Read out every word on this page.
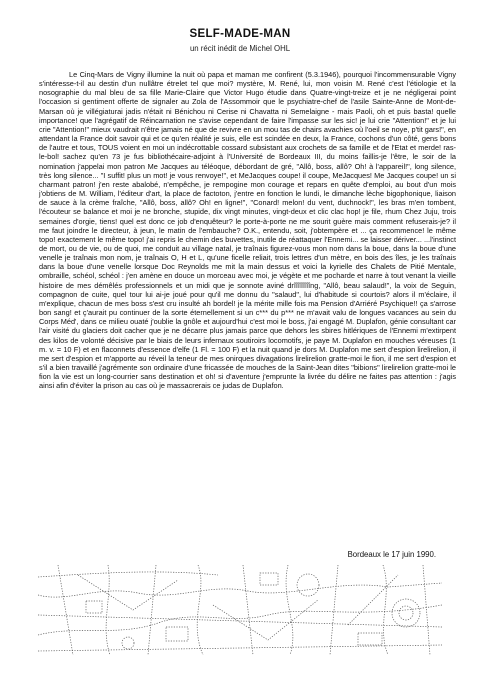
SELF-MADE-MAN
un récit inédit de Michel OHL

Le Cinq-Mars de Vigny illumine la nuit où papa et maman me confirent (5.3.1946), pourquoi l'incommensurable Vigny s'intéresse-t-il au destin d'un nullâtre étrelet tel que moi? mystère, M. René, lui, mon voisin M. René c'est l'étiologie et la nosographie du mal bleu de sa fille Marie-Claire que Victor Hugo étudie dans Quatre-vingt-treize et je ne négligerai point l'occasion si gentiment offerte de signaler au Zola de l'Assommoir que le psychiatre-chef de l'asile Sainte-Anne de Mont-de-Marsan où je villégiaturai jadis n'était ni Bénichou ni Cerise ni Chavatta ni Semelaigne - mais Paoli, oh et puis basta! quelle importance! que l'agrégatif de Réincarnation ne s'avise cependant de faire l'impasse sur les sic! je lui crie "Attention!" et je lui crie "Attention!" mieux vaudrait n'être jamais né que de revivre en un mou tas de chairs avachies où l'oeil se noye, p'tit gars!", en attendant la France doit savoir qui et ce qu'en réalité je suis, elle est scindée en deux, la France, cochons d'un côté, gens bons de l'autre et tous, TOUS voient en moi un indécrottable cossard subsistant aux crochets de sa famille et de l'Etat et merde! ras-le-bol! sachez qu'en 73 je fus bibliothécaire-adjoint à l'Université de Bordeaux III, du moins faillis-je l'être, le soir de la nomination j'appelai mon patron Me Jacques au téléoque, débordant de gré, "Allô, boss, allô? Oh! à l'appareil!", long silence, très long silence... "I suffit! plus un mot! je vous renvoye!", et MeJacques coupe! il coupe, MeJacques! Me Jacques coupe! un si charmant patron! j'en reste abalobé, n'empêche, je rempogine mon courage et repars en quête d'emploi, au bout d'un mois j'obtiens de M. William, l'éditeur d'art, la place de factoton, j'entre en fonction le lundi, le dimanche lèche bigophonique, liaison de sauce à la crème fraîche, "Allô, boss, allô? Oh! en ligne!", "Conard! melon! du vent, duchnock!", les bras m'en tombent, l'écouteur se balance et moi je ne bronche, stupide, dix vingt minutes, vingt-deux et clic clac hop! je file, rhum Chez Juju, trois semaines d'orgie, tiens! quel est donc ce job d'enquêteur? le porte-à-porte ne me sourit guère mais comment refuserais-je? il me faut joindre le directeur, à jeun, le matin de l'embauche? O.K., entendu, soit, j'obtempère et ... ça recommence! le même topo! exactement le même topo! j'ai repris le chemin des buvettes, inutile de réattaquer l'Ennemi... se laisser dériver... ...l'instinct de mort, ou de vie, ou de quoi, me conduit au village natal, je traînais figurez-vous mon nom dans la boue, dans la boue d'une venelle je traînais mon nom, je traînais O, H et L, qu'une ficelle reliait, trois lettres d'un mètre, en bois des îles, je les traînais dans la boue d'une venelle lorsque Doc Reynolds me mit la main dessus et voici la kyrielle des Chalets de Pitié Mentale, ombraille, schéol, schéol : j'en amène en douce un morceau avec moi, je végète et me pocharde et narre à tout venant la vieille histoire de mes démêlés professionnels et un midi que je sonnote aviné drîîîîîîîîng, "Allô, beau salaud!", la voix de Seguin, compagnon de cuite, quel tour lui ai-je joué pour qu'il me donnu du "salaud", lui d'habitude si courtois? alors il m'éclaire, il m'explique, chacun de mes boss s'est cru insulté ah bordel! je la mérite mille fois ma Pension d'Arriéré Psychique!! ça s'arrose bon sang! et ç'aurait pu continuer de la sorte éternellement si un c*** du p*** ne m'avait valu de longues vacances au sein du Corps Méd', dans ce milieu ouaté j'oublie la gnôle et aujourd'hui c'est moi le boss, j'ai engagé M. Duplafon, génie consultant car l'air visité du glaciers doit cacher que je ne décarre plus jamais parce que dehors les sbires hitlériques de l'Ennemi m'extirpent des kilos de volonté décisive par le biais de leurs infernaux soutiroirs locomotifs, je paye M. Duplafon en mouches véreuses (1 m. v. = 10 F) et en flaconnets d'essence d'elfe (1 Fl. = 100 F) et la nuit quand je dors M. Duplafon me sert d'espion lirelirelion, il me sert d'espion et m'apporte au réveil la teneur de mes onirques divagations lirelirelion gratte-moi le fion, il me sert d'espion et s'il a bien travaillé j'agrémente son ordinaire d'une fricassée de mouches de la Saint-Jean dites "bibions" lirelirelion gratte-moi le fion la vie est un long-courrier sans destination et oh! si d'aventure j'emprunte la livrée du délire ne faites pas attention : j'agis ainsi afin d'éviter la prison au cas où je massacrerais ce judas de Duplafon.

Bordeaux le 17 juin 1990.
